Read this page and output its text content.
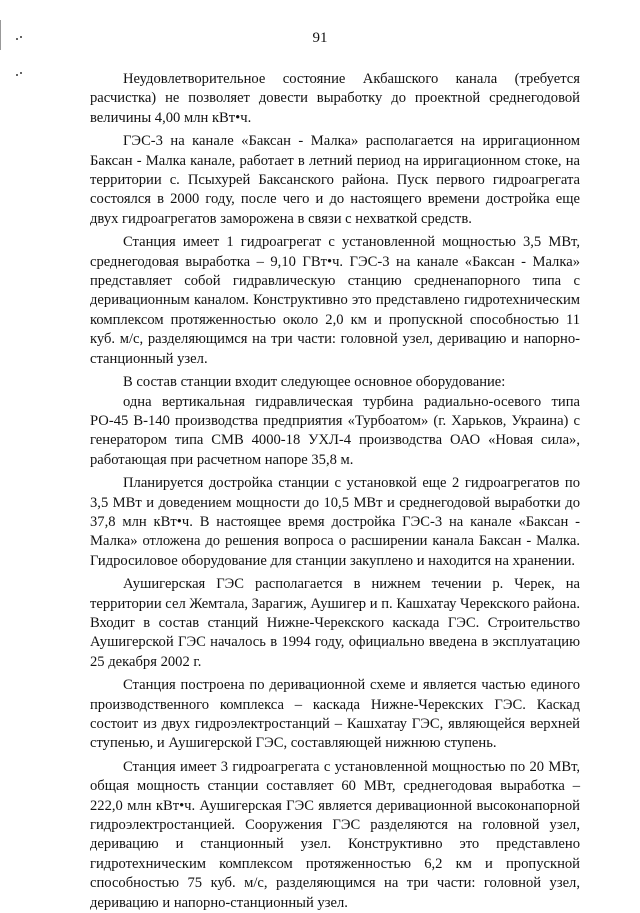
91

Неудовлетворительное состояние Акбашского канала (требуется расчистка) не позволяет довести выработку до проектной среднегодовой величины 4,00 млн кВт•ч.

ГЭС-3 на канале «Баксан - Малка» располагается на ирригационном Баксан - Малка канале, работает в летний период на ирригационном стоке, на территории с. Псыхурей Баксанского района. Пуск первого гидроагрегата состоялся в 2000 году, после чего и до настоящего времени достройка еще двух гидроагрегатов заморожена в связи с нехваткой средств.

Станция имеет 1 гидроагрегат с установленной мощностью 3,5 МВт, среднегодовая выработка – 9,10 ГВт•ч. ГЭС-3 на канале «Баксан - Малка» представляет собой гидравлическую станцию средненапорного типа с деривационным каналом. Конструктивно это представлено гидротехническим комплексом протяженностью около 2,0 км и пропускной способностью 11 куб. м/с, разделяющимся на три части: головной узел, деривацию и напорно-станционный узел.

В состав станции входит следующее основное оборудование:

одна вертикальная гидравлическая турбина радиально-осевого типа РО-45 В-140 производства предприятия «Турбоатом» (г. Харьков, Украина) с генератором типа СМВ 4000-18 УХЛ-4 производства ОАО «Новая сила», работающая при расчетном напоре 35,8 м.

Планируется достройка станции с установкой еще 2 гидроагрегатов по 3,5 МВт и доведением мощности до 10,5 МВт и среднегодовой выработки до 37,8 млн кВт•ч. В настоящее время достройка ГЭС-3 на канале «Баксан - Малка» отложена до решения вопроса о расширении канала Баксан - Малка. Гидросиловое оборудование для станции закуплено и находится на хранении.

Аушигерская ГЭС располагается в нижнем течении р. Черек, на территории сел Жемтала, Зарагиж, Аушигер и п. Кашхатау Черекского района. Входит в состав станций Нижне-Черекского каскада ГЭС. Строительство Аушигерской ГЭС началось в 1994 году, официально введена в эксплуатацию 25 декабря 2002 г.

Станция построена по деривационной схеме и является частью единого производственного комплекса – каскада Нижне-Черекских ГЭС. Каскад состоит из двух гидроэлектростанций – Кашхатау ГЭС, являющейся верхней ступенью, и Аушигерской ГЭС, составляющей нижнюю ступень.

Станция имеет 3 гидроагрегата с установленной мощностью по 20 МВт, общая мощность станции составляет 60 МВт, среднегодовая выработка – 222,0 млн кВт•ч. Аушигерская ГЭС является деривационной высоконапорной гидроэлектростанцией. Сооружения ГЭС разделяются на головной узел, деривацию и станционный узел. Конструктивно это представлено гидротехническим комплексом протяженностью 6,2 км и пропускной способностью 75 куб. м/с, разделяющимся на три части: головной узел, деривацию и напорно-станционный узел.
